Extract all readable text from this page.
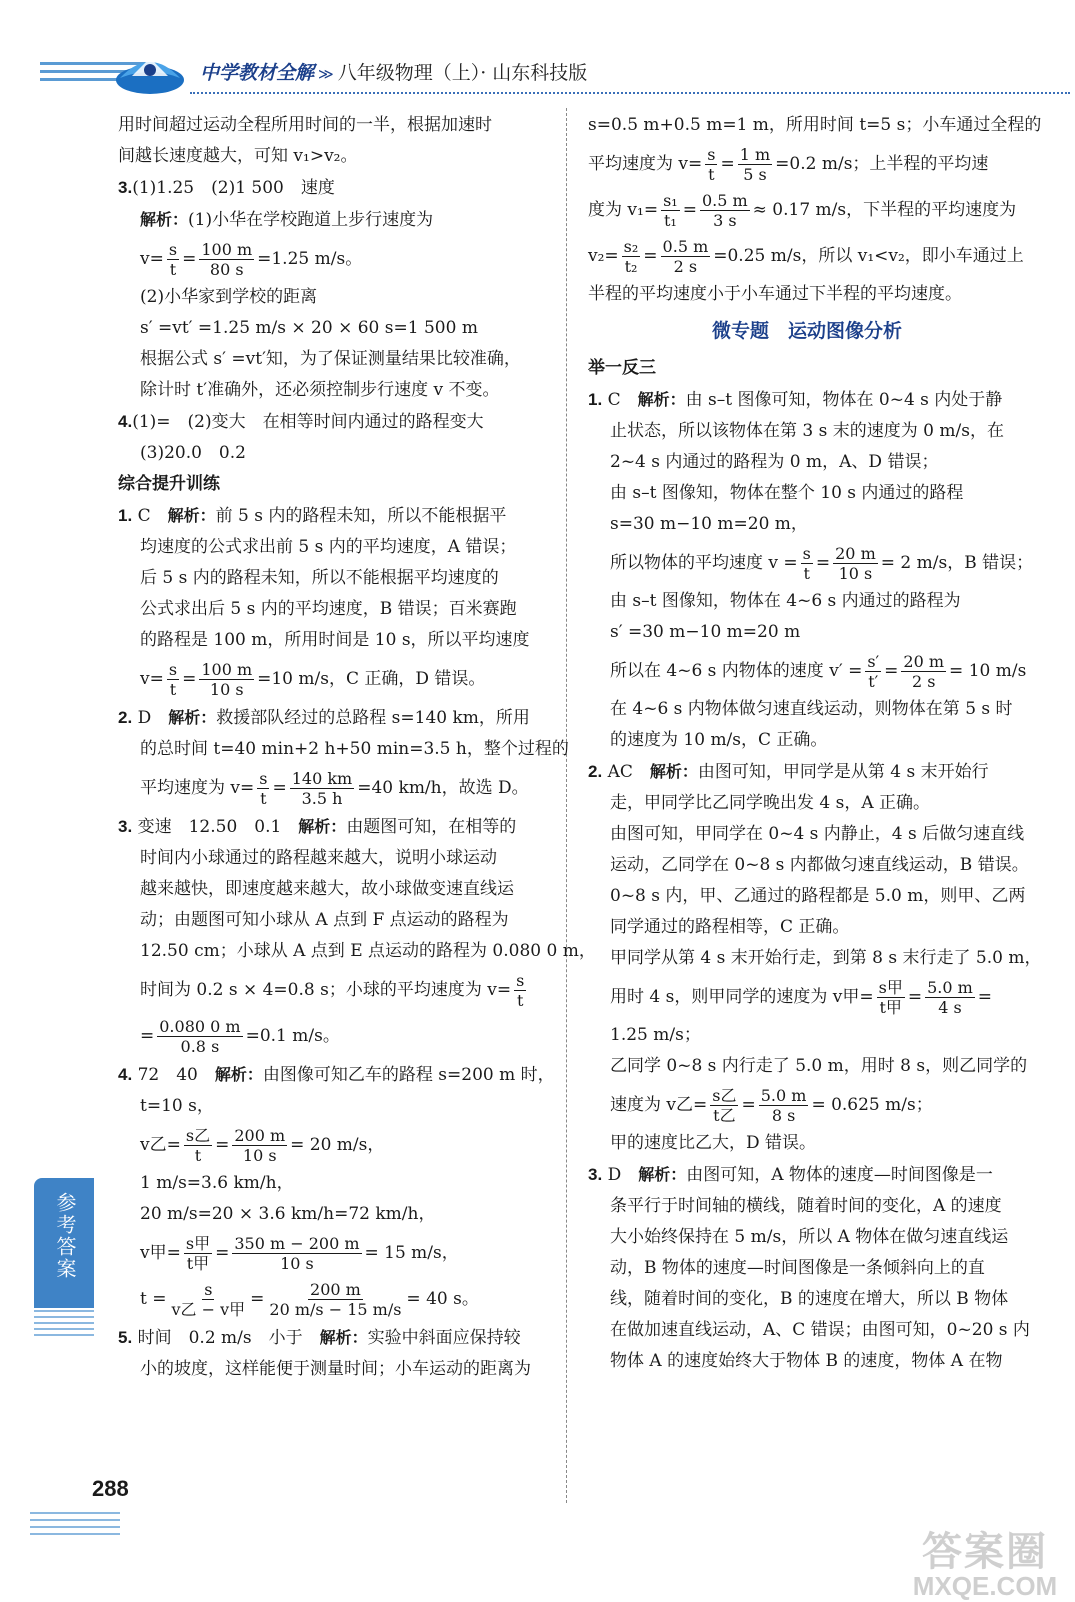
中学教材全解 ≫ 八年级物理（上）· 山东科技版

用时间超过运动全程所用时间的一半，根据加速时

间越长速度越大，可知 v₁>v₂。

3.(1)1.25　(2)1 500　速度

解析：(1)小华在学校跑道上步行速度为

$v= \frac{s}{t} = \frac{100 m}{80 s} =1.25$ m/s。

(2)小华家到学校的距离

s′ =vt′ =1.25 m/s × 20 × 60 s=1 500 m

根据公式 s′ =vt′知，为了保证测量结果比较准确，

除计时 t′准确外，还必须控制步行速度 v 不变。

4.(1)=　(2)变大　在相等时间内通过的路程变大

(3)20.0　0.2

综合提升训练

1. C　 解析：前 5 s 内的路程未知，所以不能根据平

均速度的公式求出前 5 s 内的平均速度，A 错误；

后 5 s 内的路程未知，所以不能根据平均速度的

公式求出后 5 s 内的平均速度，B 错误；百米赛跑

的路程是 100 m，所用时间是 10 s，所以平均速度

$v= \frac{s}{t} = \frac{100 m}{10 s} =10$ m/s，C 正确，D 错误。

2. D　 解析：救援部队经过的总路程 s=140 km，所用

的总时间 t=40 min+2 h+50 min=3.5 h，整个过程的

平均速度为 $v= \frac{s}{t} = \frac{140 km}{3.5 h} =40$ km/h，故选 D。

3. 变速　12.50　0.1　 解析：由题图可知，在相等的

时间内小球通过的路程越来越大，说明小球运动

越来越快，即速度越来越大，故小球做变速直线运

动；由题图可知小球从 A 点到 F 点运动的路程为

12.50 cm；小球从 A 点到 E 点运动的路程为 0.080 0 m，

时间为 0.2 s × 4=0.8 s；小球的平均速度为 $v= \frac{s}{t}$
= $\frac{0.080 0 m}{0.8 s} =0.1$ m/s。

4. 72　40　 解析：由图像可知乙车的路程 s=200 m 时，

t=10 s，

v乙= $\frac{\text{s乙}}{t} = \frac{200 m}{10 s} = 20$ m/s，

1 m/s=3.6 km/h，

20 m/s=20 × 3.6 km/h=72 km/h，

v甲= $\frac{\text{s甲}}{\text{t甲}} = \frac{350 m - 200 m}{10 s} = 15$ m/s，
$t = \frac{s}{\text{v乙 − v甲}} = \frac{200 m}{20 m/s - 15 m/s} = 40$ s。

5. 时间　0.2 m/s　小于　 解析：实验中斜面应保持较

小的坡度，这样能便于测量时间；小车运动的距离为

s=0.5 m+0.5 m=1 m，所用时间 t=5 s；小车通过全程的

平均速度为 $v= \frac{s}{t} = \frac{1 m}{5 s} =0.2$ m/s；上半程的平均速
度为 $v_1= \frac{\text{s₁}}{\text{t₁}} = \frac{0.5 m}{3 s} \approx 0.17$ m/s，下半程的平均速度为
$v_2= \frac{\text{s₂}}{\text{t₂}} = \frac{0.5 m}{2 s} =0.25$ m/s，所以 v₁<v₂，即小车通过上

半程的平均速度小于小车通过下半程的平均速度。

微专题　运动图像分析

举一反三

1. C　 解析：由 s–t 图像可知，物体在 0~4 s 内处于静

止状态，所以该物体在第 3 s 末的速度为 0 m/s，在

2~4 s 内通过的路程为 0 m，A、D 错误；

由 s–t 图像知，物体在整个 10 s 内通过的路程

s=30 m−10 m=20 m，

所以物体的平均速度 $v = \frac{s}{t} = \frac{20 m}{10 s} = 2$ m/s，B 错误；

由 s–t 图像知，物体在 4~6 s 内通过的路程为

s′ =30 m−10 m=20 m

所以在 4~6 s 内物体的速度 $v' = \frac{s'}{t'} = \frac{20 m}{2 s} = 10$ m/s

在 4~6 s 内物体做匀速直线运动，则物体在第 5 s 时

的速度为 10 m/s，C 正确。

2. AC　 解析：由图可知，甲同学是从第 4 s 末开始行

走，甲同学比乙同学晚出发 4 s，A 正确。

由图可知，甲同学在 0~4 s 内静止，4 s 后做匀速直线

运动，乙同学在 0~8 s 内都做匀速直线运动，B 错误。

0~8 s 内，甲、乙通过的路程都是 5.0 m，则甲、乙两

同学通过的路程相等，C 正确。

甲同学从第 4 s 末开始行走，到第 8 s 末行走了 5.0 m，

用时 4 s，则甲同学的速度为 v甲= $\frac{\text{s甲}}{\text{t甲}} = \frac{5.0 m}{4 s}$ =

1.25 m/s；

乙同学 0~8 s 内行走了 5.0 m，用时 8 s，则乙同学的

速度为 v乙= $\frac{\text{s乙}}{\text{t乙}} = \frac{5.0 m}{8 s} = 0.625$ m/s；

甲的速度比乙大，D 错误。

3. D　 解析：由图可知，A 物体的速度—时间图像是一

条平行于时间轴的横线，随着时间的变化，A 的速度

大小始终保持在 5 m/s，所以 A 物体在做匀速直线运

动，B 物体的速度—时间图像是一条倾斜向上的直

线，随着时间的变化，B 的速度在增大，所以 B 物体

在做加速直线运动，A、C 错误；由图可知，0~20 s 内

物体 A 的速度始终大于物体 B 的速度，物体 A 在物

参考答案
288
答案圈
MXQE.COM
